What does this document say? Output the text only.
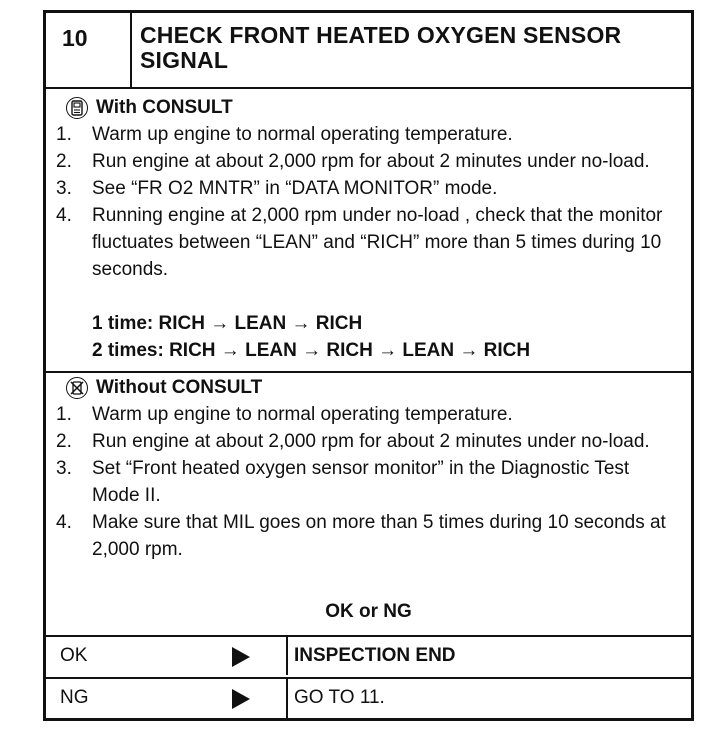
10	CHECK FRONT HEATED OXYGEN SENSOR SIGNAL
With CONSULT
1. Warm up engine to normal operating temperature.
2. Run engine at about 2,000 rpm for about 2 minutes under no-load.
3. See “FR O2 MNTR” in “DATA MONITOR” mode.
4. Running engine at 2,000 rpm under no-load , check that the monitor fluctuates between “LEAN” and “RICH” more than 5 times during 10 seconds.
1 time: RICH → LEAN → RICH
2 times: RICH → LEAN → RICH → LEAN → RICH
Without CONSULT
1. Warm up engine to normal operating temperature.
2. Run engine at about 2,000 rpm for about 2 minutes under no-load.
3. Set “Front heated oxygen sensor monitor” in the Diagnostic Test Mode II.
4. Make sure that MIL goes on more than 5 times during 10 seconds at 2,000 rpm.
OK or NG
OK	INSPECTION END
NG	GO TO 11.
